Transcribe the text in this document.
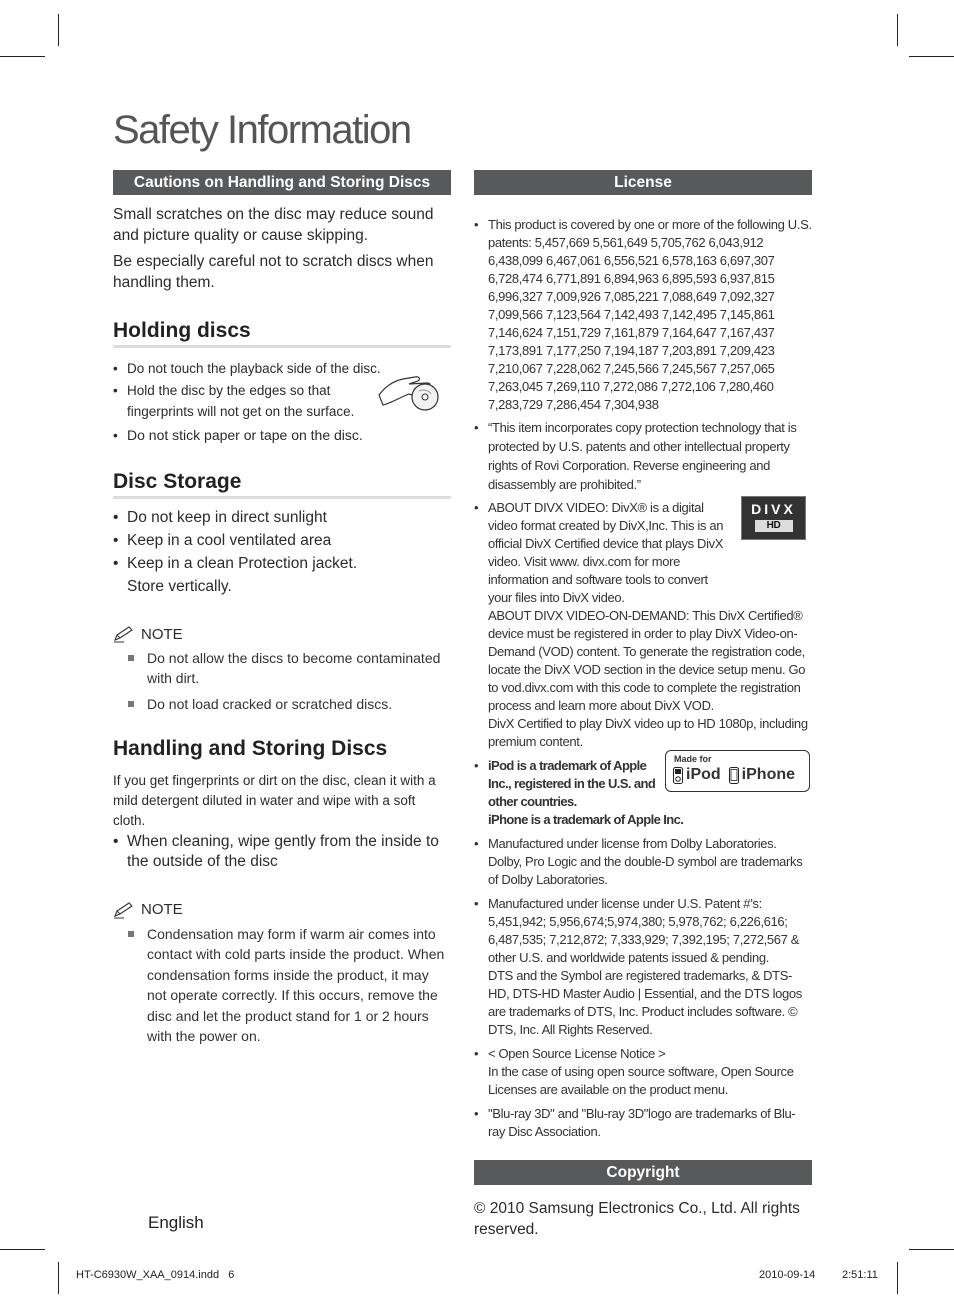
Safety Information
Cautions on Handling and Storing Discs

Small scratches on the disc may reduce sound and picture quality or cause skipping.

Be especially careful not to scratch discs when handling them.

Holding discs
• Do not touch the playback side of the disc.
• Hold the disc by the edges so that fingerprints will not get on the surface.
• Do not stick paper or tape on the disc.
Disc Storage
• Do not keep in direct sunlight
• Keep in a cool ventilated area
• Keep in a clean Protection jacket. Store vertically.
NOTE
Do not allow the discs to become contaminated with dirt.
Do not load cracked or scratched discs.
Handling and Storing Discs

If you get fingerprints or dirt on the disc, clean it with a mild detergent diluted in water and wipe with a soft cloth.

• When cleaning, wipe gently from the inside to the outside of the disc
NOTE
Condensation may form if warm air comes into contact with cold parts inside the product. When condensation forms inside the product, it may not operate correctly. If this occurs, remove the disc and let the product stand for 1 or 2 hours with the power on.
License
• This product is covered by one or more of the following U.S. patents: 5,457,669 5,561,649 5,705,762 6,043,912 6,438,099 6,467,061 6,556,521 6,578,163 6,697,307 6,728,474 6,771,891 6,894,963 6,895,593 6,937,815 6,996,327 7,009,926 7,085,221 7,088,649 7,092,327 7,099,566 7,123,564 7,142,493 7,142,495 7,145,861 7,146,624 7,151,729 7,161,879 7,164,647 7,167,437 7,173,891 7,177,250 7,194,187 7,203,891 7,209,423 7,210,067 7,228,062 7,245,566 7,245,567 7,257,065 7,263,045 7,269,110 7,272,086 7,272,106 7,280,460 7,283,729 7,286,454 7,304,938
• “This item incorporates copy protection technology that is protected by U.S. patents and other intellectual property rights of Rovi Corporation. Reverse engineering and disassembly are prohibited.”
• ABOUT DIVX VIDEO: DivX® is a digital video format created by DivX,Inc. This is an official DivX Certified device that plays DivX video. Visit www. divx.com for more information and software tools to convert your files into DivX video.
DIVX
HD
ABOUT DIVX VIDEO-ON-DEMAND: This DivX Certified® device must be registered in order to play DivX Video-on-Demand (VOD) content. To generate the registration code, locate the DivX VOD section in the device setup menu. Go to vod.divx.com with this code to complete the registration process and learn more about DivX VOD.
DivX Certified to play DivX video up to HD 1080p, including premium content.
• iPod is a trademark of Apple Inc., registered in the U.S. and other countries.
iPhone is a trademark of Apple Inc.
Made for
iPod iPhone
• Manufactured under license from Dolby Laboratories. Dolby, Pro Logic and the double-D symbol are trademarks of Dolby Laboratories.
• Manufactured under license under U.S. Patent #’s: 5,451,942; 5,956,674;5,974,380; 5,978,762; 6,226,616; 6,487,535; 7,212,872; 7,333,929; 7,392,195; 7,272,567 & other U.S. and worldwide patents issued & pending.
DTS and the Symbol are registered trademarks, & DTS-HD, DTS-HD Master Audio | Essential, and the DTS logos are trademarks of DTS, Inc. Product includes software. © DTS, Inc. All Rights Reserved.
• < Open Source License Notice >
In the case of using open source software, Open Source Licenses are available on the product menu.
• "Blu-ray 3D" and "Blu-ray 3D"logo are trademarks of Blu-ray Disc Association.
Copyright

© 2010 Samsung Electronics Co., Ltd. All rights reserved.

English
HT-C6930W_XAA_0914.indd   6	2010-09-14 2:51:11
